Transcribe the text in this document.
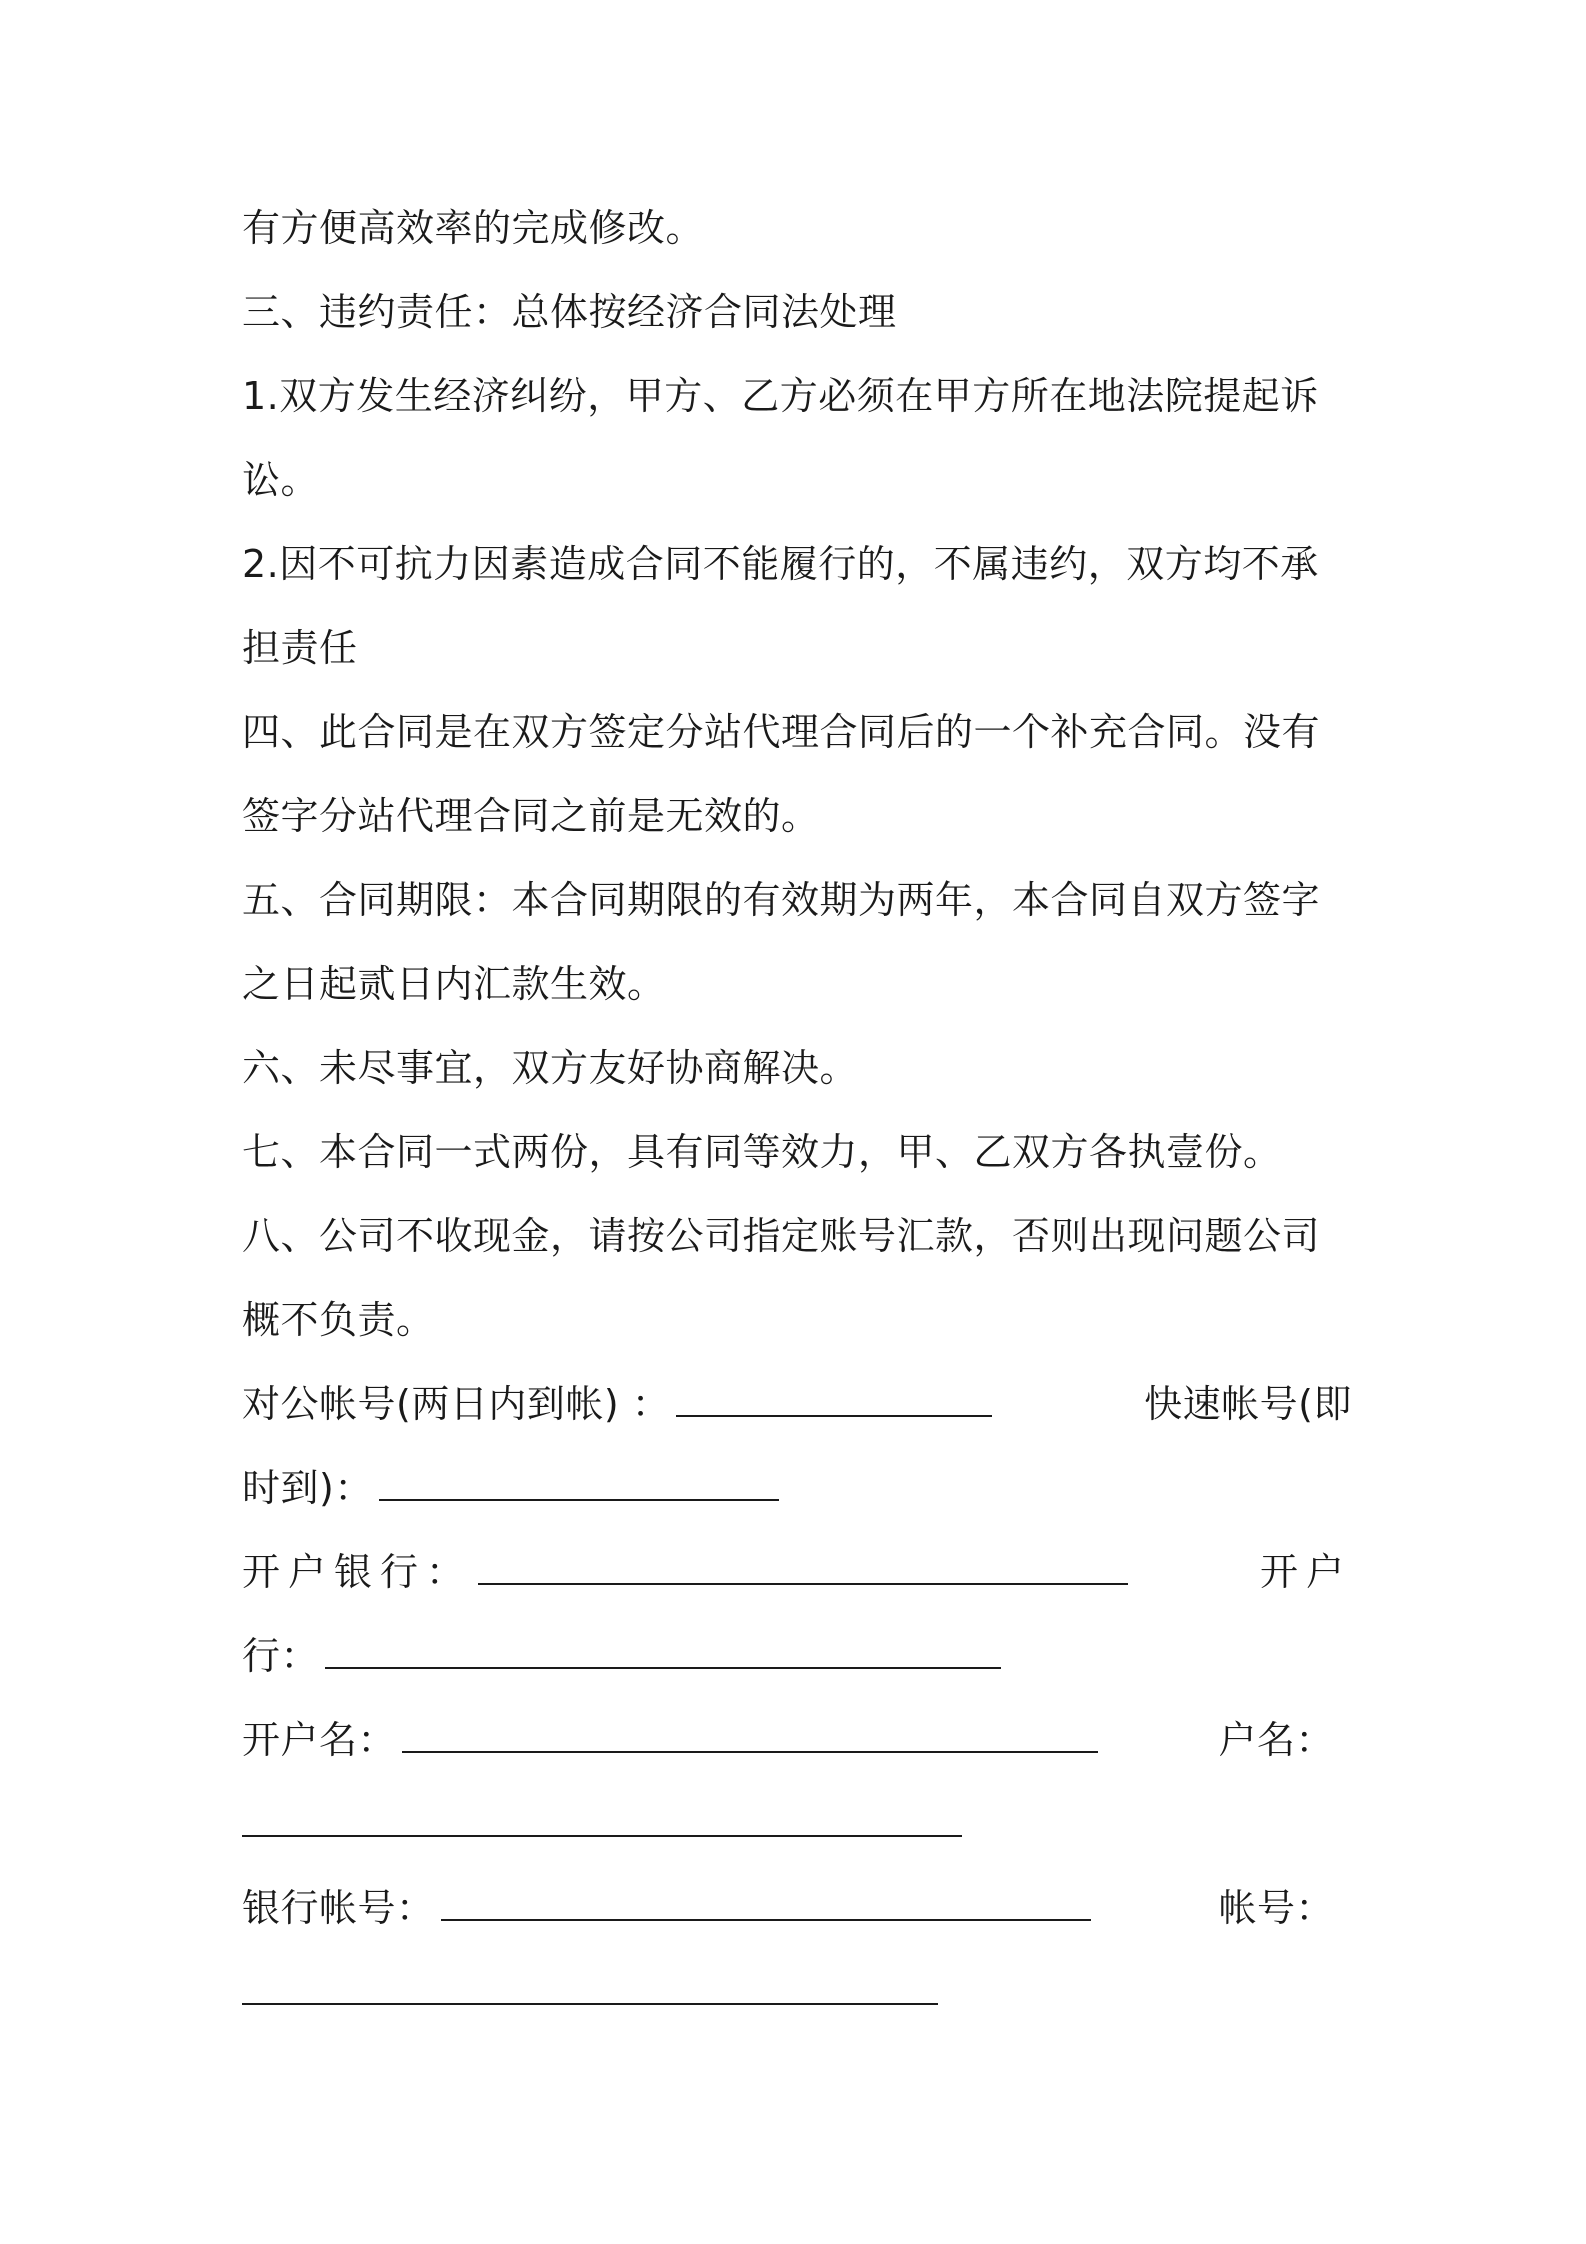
有方便高效率的完成修改。
三、违约责任：总体按经济合同法处理
1.双方发生经济纠纷，甲方、乙方必须在甲方所在地法院提起诉
讼。
2.因不可抗力因素造成合同不能履行的，不属违约，双方均不承
担责任
四、此合同是在双方签定分站代理合同后的一个补充合同。没有
签字分站代理合同之前是无效的。
五、合同期限：本合同期限的有效期为两年，本合同自双方签字
之日起贰日内汇款生效。
六、未尽事宜，双方友好协商解决。
七、本合同一式两份，具有同等效力，甲、乙双方各执壹份。
八、公司不收现金，请按公司指定账号汇款，否则出现问题公司
概不负责。
对公帐号(两日内到帐) ：	快速帐号(即
时到)：
开户银行：	开户
行：
开户名：	户名：
银行帐号：	帐号：
